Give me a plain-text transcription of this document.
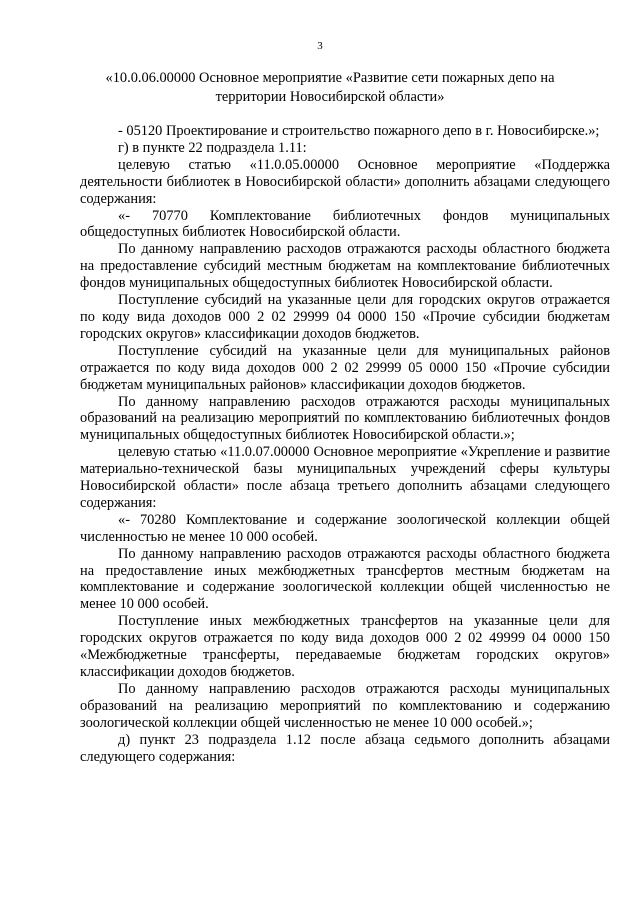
3
«10.0.06.00000 Основное мероприятие «Развитие сети пожарных депо на территории Новосибирской области»

- 05120 Проектирование и строительство пожарного депо в г. Новосибирске.»;

г) в пункте 22 подраздела 1.11:

целевую статью «11.0.05.00000 Основное мероприятие «Поддержка деятельности библиотек в Новосибирской области» дополнить абзацами следующего содержания:

«- 70770 Комплектование библиотечных фондов муниципальных общедоступных библиотек Новосибирской области.

По данному направлению расходов отражаются расходы областного бюджета на предоставление субсидий местным бюджетам на комплектование библиотечных фондов муниципальных общедоступных библиотек Новосибирской области.

Поступление субсидий на указанные цели для городских округов отражается по коду вида доходов 000 2 02 29999 04 0000 150 «Прочие субсидии бюджетам городских округов» классификации доходов бюджетов.

Поступление субсидий на указанные цели для муниципальных районов отражается по коду вида доходов 000 2 02 29999 05 0000 150 «Прочие субсидии бюджетам муниципальных районов» классификации доходов бюджетов.

По данному направлению расходов отражаются расходы муниципальных образований на реализацию мероприятий по комплектованию библиотечных фондов муниципальных общедоступных библиотек Новосибирской области.»;

целевую статью «11.0.07.00000 Основное мероприятие «Укрепление и развитие материально-технической базы муниципальных учреждений сферы культуры Новосибирской области» после абзаца третьего дополнить абзацами следующего содержания:

«- 70280 Комплектование и содержание зоологической коллекции общей численностью не менее 10 000 особей.

По данному направлению расходов отражаются расходы областного бюджета на предоставление иных межбюджетных трансфертов местным бюджетам на комплектование и содержание зоологической коллекции общей численностью не менее 10 000 особей.

Поступление иных межбюджетных трансфертов на указанные цели для городских округов отражается по коду вида доходов 000 2 02 49999 04 0000 150 «Межбюджетные трансферты, передаваемые бюджетам городских округов» классификации доходов бюджетов.

По данному направлению расходов отражаются расходы муниципальных образований на реализацию мероприятий по комплектованию и содержанию зоологической коллекции общей численностью не менее 10 000 особей.»;

д) пункт 23 подраздела 1.12 после абзаца седьмого дополнить абзацами следующего содержания:
